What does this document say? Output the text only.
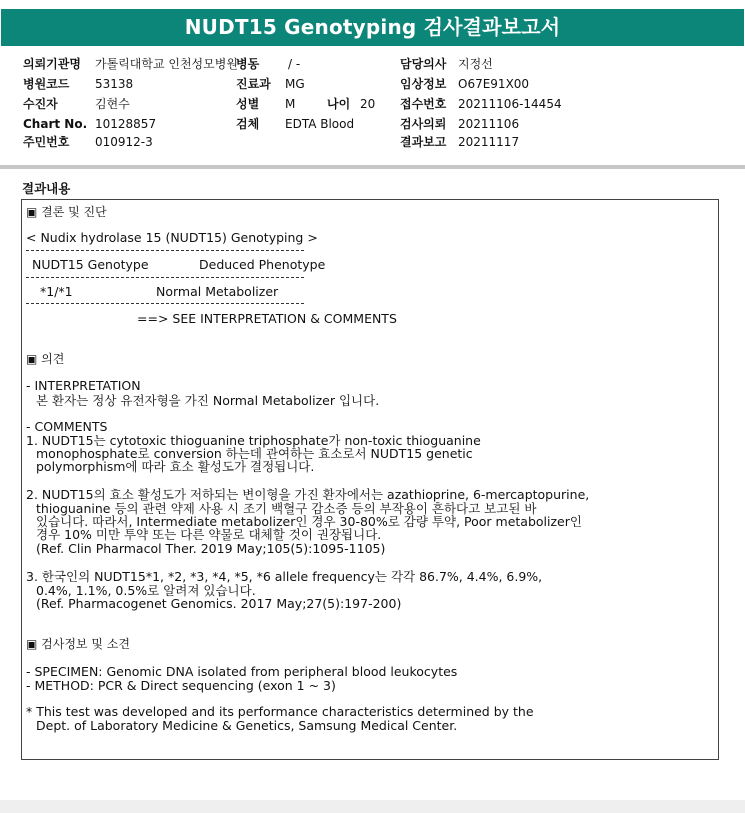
NUDT15 Genotyping 검사결과보고서
의뢰기관명 가톨릭대학교 인천성모병원
병동 / -	담당의사 지정선
병원코드 53138	진료과 MG	임상정보 O67E91X00
수진자	김현수	성별 M	나이 20 접수번호 20211106-14454
Chart No. 10128857	검체 EDTA Blood	검사의뢰 20211106
주민번호 010912-3	결과보고 20211117
결과내용
▣ 결론 및 진단
< Nudix hydrolase 15 (NUDT15) Genotyping >
NUDT15 Genotype	Deduced Phenotype
*1/*1	Normal Metabolizer
==> SEE INTERPRETATION & COMMENTS
▣ 의견
- INTERPRETATION
본 환자는 정상 유전자형을 가진 Normal Metabolizer 입니다.
- COMMENTS
1. NUDT15는 cytotoxic thioguanine triphosphate가 non-toxic thioguanine
monophosphate로 conversion 하는데 관여하는 효소로서 NUDT15 genetic
polymorphism에 따라 효소 활성도가 결정됩니다.
2. NUDT15의 효소 활성도가 저하되는 변이형을 가진 환자에서는 azathioprine, 6-mercaptopurine,
thioguanine 등의 관련 약제 사용 시 조기 백혈구 감소증 등의 부작용이 흔하다고 보고된 바
있습니다. 따라서, Intermediate metabolizer인 경우 30-80%로 감량 투약, Poor metabolizer인
경우 10% 미만 투약 또는 다른 약물로 대체할 것이 권장됩니다.
(Ref. Clin Pharmacol Ther. 2019 May;105(5):1095-1105)
3. 한국인의 NUDT15*1, *2, *3, *4, *5, *6 allele frequency는 각각 86.7%, 4.4%, 6.9%,
0.4%, 1.1%, 0.5%로 알려져 있습니다.
(Ref. Pharmacogenet Genomics. 2017 May;27(5):197-200)
▣ 검사정보 및 소견
- SPECIMEN: Genomic DNA isolated from peripheral blood leukocytes
- METHOD: PCR & Direct sequencing (exon 1 ~ 3)
* This test was developed and its performance characteristics determined by the
Dept. of Laboratory Medicine & Genetics, Samsung Medical Center.
